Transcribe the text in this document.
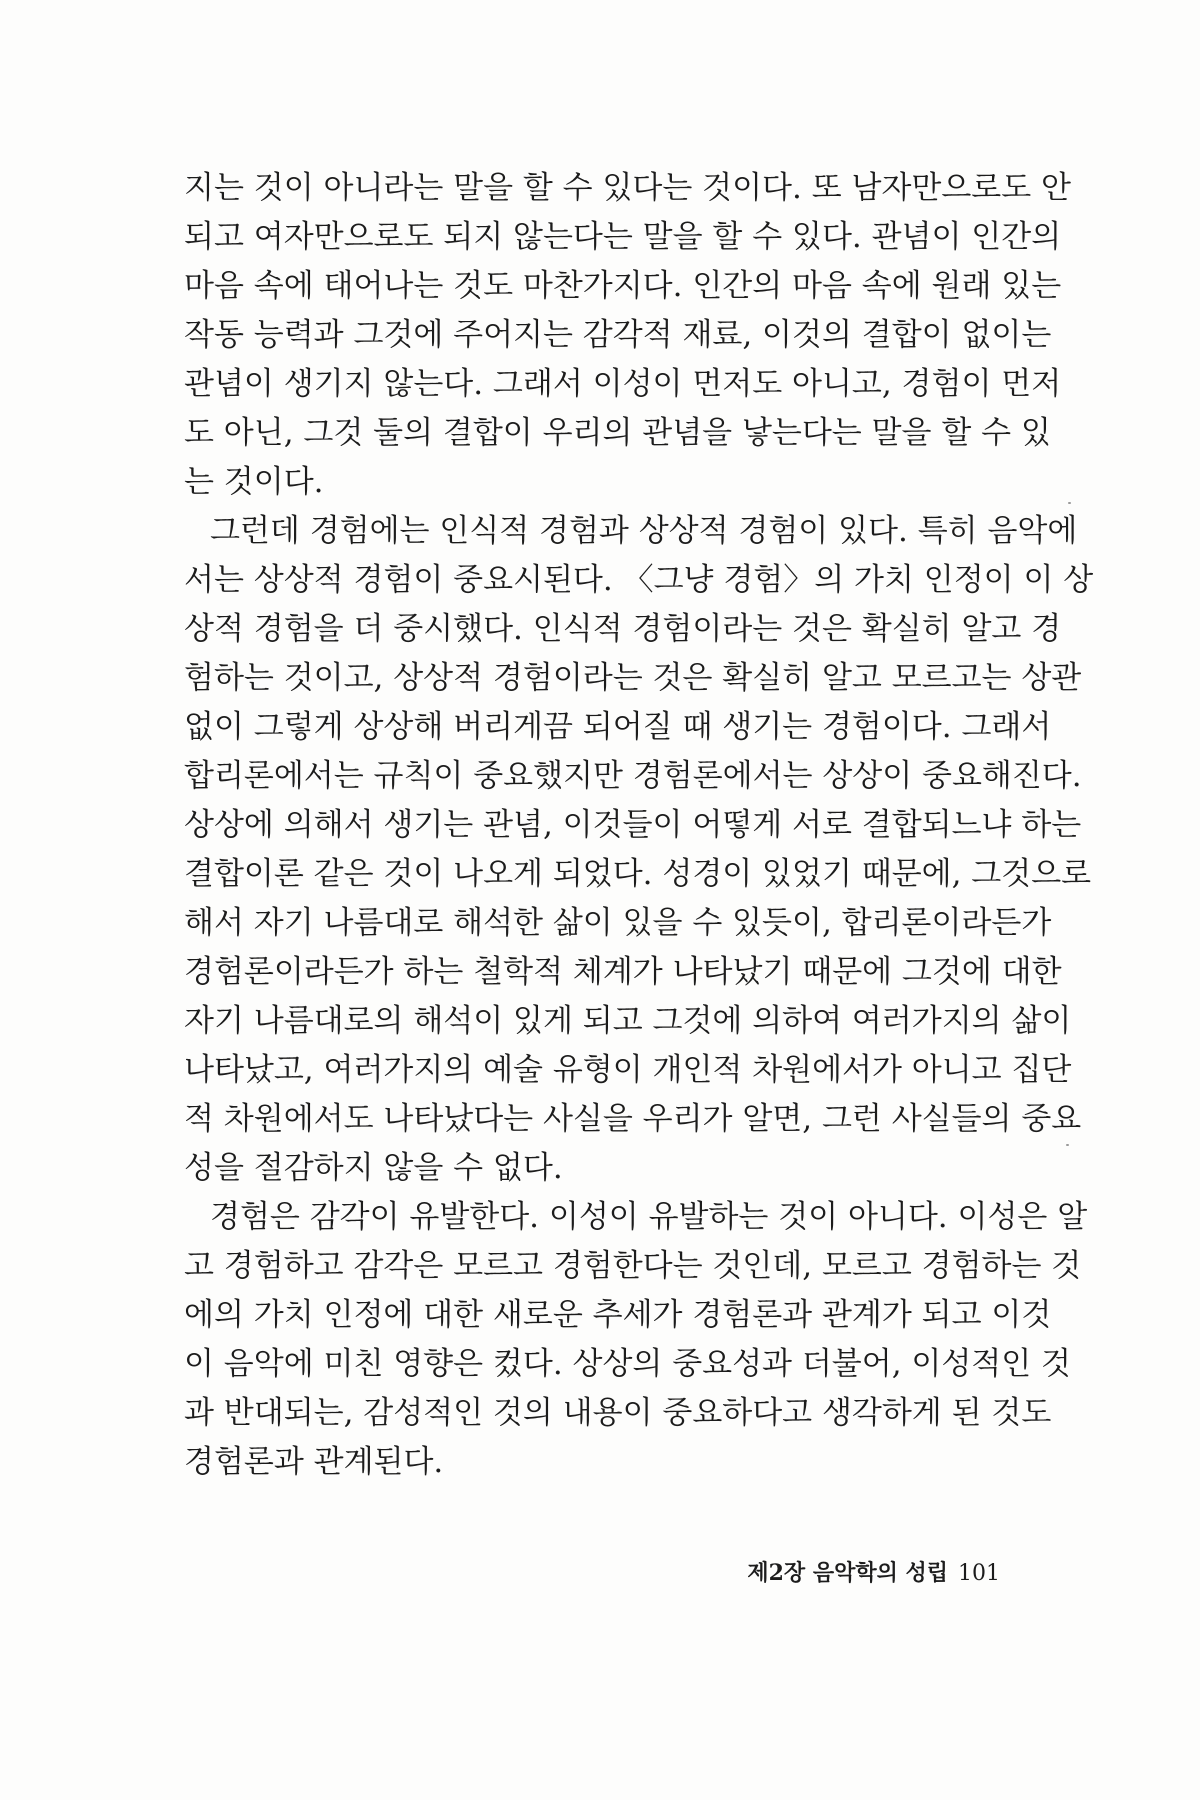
지는 것이 아니라는 말을 할 수 있다는 것이다. 또 남자만으로도 안
되고 여자만으로도 되지 않는다는 말을 할 수 있다. 관념이 인간의
마음 속에 태어나는 것도 마찬가지다. 인간의 마음 속에 원래 있는
작동 능력과 그것에 주어지는 감각적 재료, 이것의 결합이 없이는
관념이 생기지 않는다. 그래서 이성이 먼저도 아니고, 경험이 먼저
도 아닌, 그것 둘의 결합이 우리의 관념을 낳는다는 말을 할 수 있
는 것이다.
그런데 경험에는 인식적 경험과 상상적 경험이 있다. 특히 음악에
서는 상상적 경험이 중요시된다. 〈그냥 경험〉의 가치 인정이 이 상
상적 경험을 더 중시했다. 인식적 경험이라는 것은 확실히 알고 경
험하는 것이고, 상상적 경험이라는 것은 확실히 알고 모르고는 상관
없이 그렇게 상상해 버리게끔 되어질 때 생기는 경험이다. 그래서
합리론에서는 규칙이 중요했지만 경험론에서는 상상이 중요해진다.
상상에 의해서 생기는 관념, 이것들이 어떻게 서로 결합되느냐 하는
결합이론 같은 것이 나오게 되었다. 성경이 있었기 때문에, 그것으로
해서 자기 나름대로 해석한 삶이 있을 수 있듯이, 합리론이라든가
경험론이라든가 하는 철학적 체계가 나타났기 때문에 그것에 대한
자기 나름대로의 해석이 있게 되고 그것에 의하여 여러가지의 삶이
나타났고, 여러가지의 예술 유형이 개인적 차원에서가 아니고 집단
적 차원에서도 나타났다는 사실을 우리가 알면, 그런 사실들의 중요
성을 절감하지 않을 수 없다.
경험은 감각이 유발한다. 이성이 유발하는 것이 아니다. 이성은 알
고 경험하고 감각은 모르고 경험한다는 것인데, 모르고 경험하는 것
에의 가치 인정에 대한 새로운 추세가 경험론과 관계가 되고 이것
이 음악에 미친 영향은 컸다. 상상의 중요성과 더불어, 이성적인 것
과 반대되는, 감성적인 것의 내용이 중요하다고 생각하게 된 것도
경험론과 관계된다.
제2장 음악학의 성립 101
